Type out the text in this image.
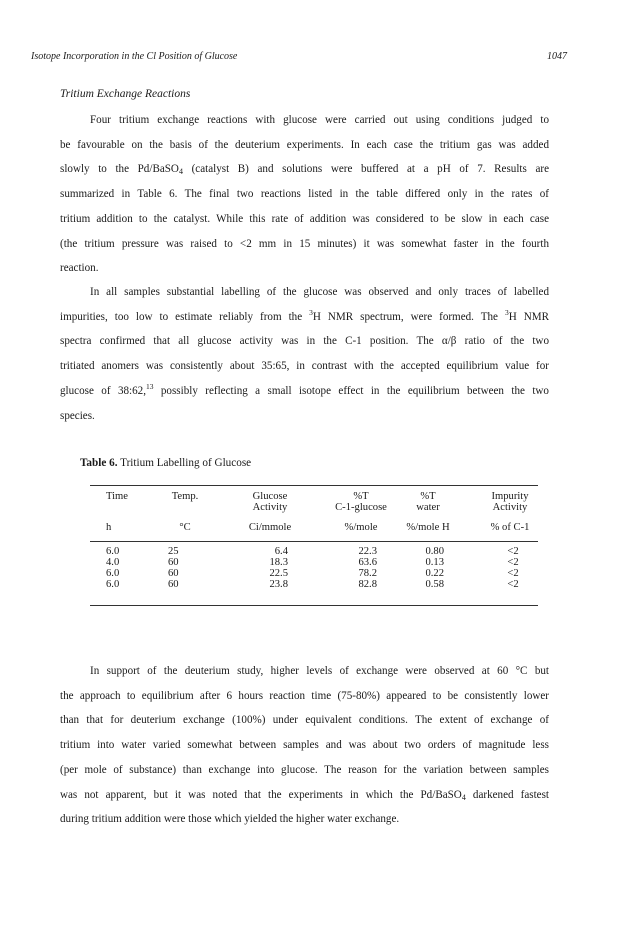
Isotope Incorporation in the Cl Position of Glucose	1047
Tritium Exchange Reactions

Four tritium exchange reactions with glucose were carried out using conditions judged to
be favourable on the basis of the deuterium experiments. In each case the tritium gas was added
slowly to the Pd/BaSO$_4$ (catalyst B) and solutions were buffered at a pH of 7. Results are
summarized in Table 6. The final two reactions listed in the table differed only in the rates of
tritium addition to the catalyst. While this rate of addition was considered to be slow in each case
(the tritium pressure was raised to <2 mm in 15 minutes) it was somewhat faster in the fourth
reaction.

In all samples substantial labelling of the glucose was observed and only traces of labelled
impurities, too low to estimate reliably from the $^3$H NMR spectrum, were formed. The $^3$H NMR
spectra confirmed that all glucose activity was in the C-1 position. The α/β ratio of the two
tritiated anomers was consistently about 35:65, in contrast with the accepted equilibrium value for
glucose of 38:62,13 possibly reflecting a small isotope effect in the equilibrium between the two
species.

Table 6. Tritium Labelling of Glucose
Time
h
6.0
4.0
6.0
6.0
Temp.
°C
25
60
60
60
Glucose
Activity
Ci/mmole
6.4
18.3
22.5
23.8
%T
C-1-glucose
%/mole
22.3
63.6
78.2
82.8
%T
water
%/mole H
0.80
0.13
0.22
0.58
Impurity
Activity
% of C-1
<2
<2
<2
<2

In support of the deuterium study, higher levels of exchange were observed at 60 °C but
the approach to equilibrium after 6 hours reaction time (75-80%) appeared to be consistently lower
than that for deuterium exchange (100%) under equivalent conditions. The extent of exchange of
tritium into water varied somewhat between samples and was about two orders of magnitude less
(per mole of substance) than exchange into glucose. The reason for the variation between samples
was not apparent, but it was noted that the experiments in which the Pd/BaSO$_4$ darkened fastest
during tritium addition were those which yielded the higher water exchange.
